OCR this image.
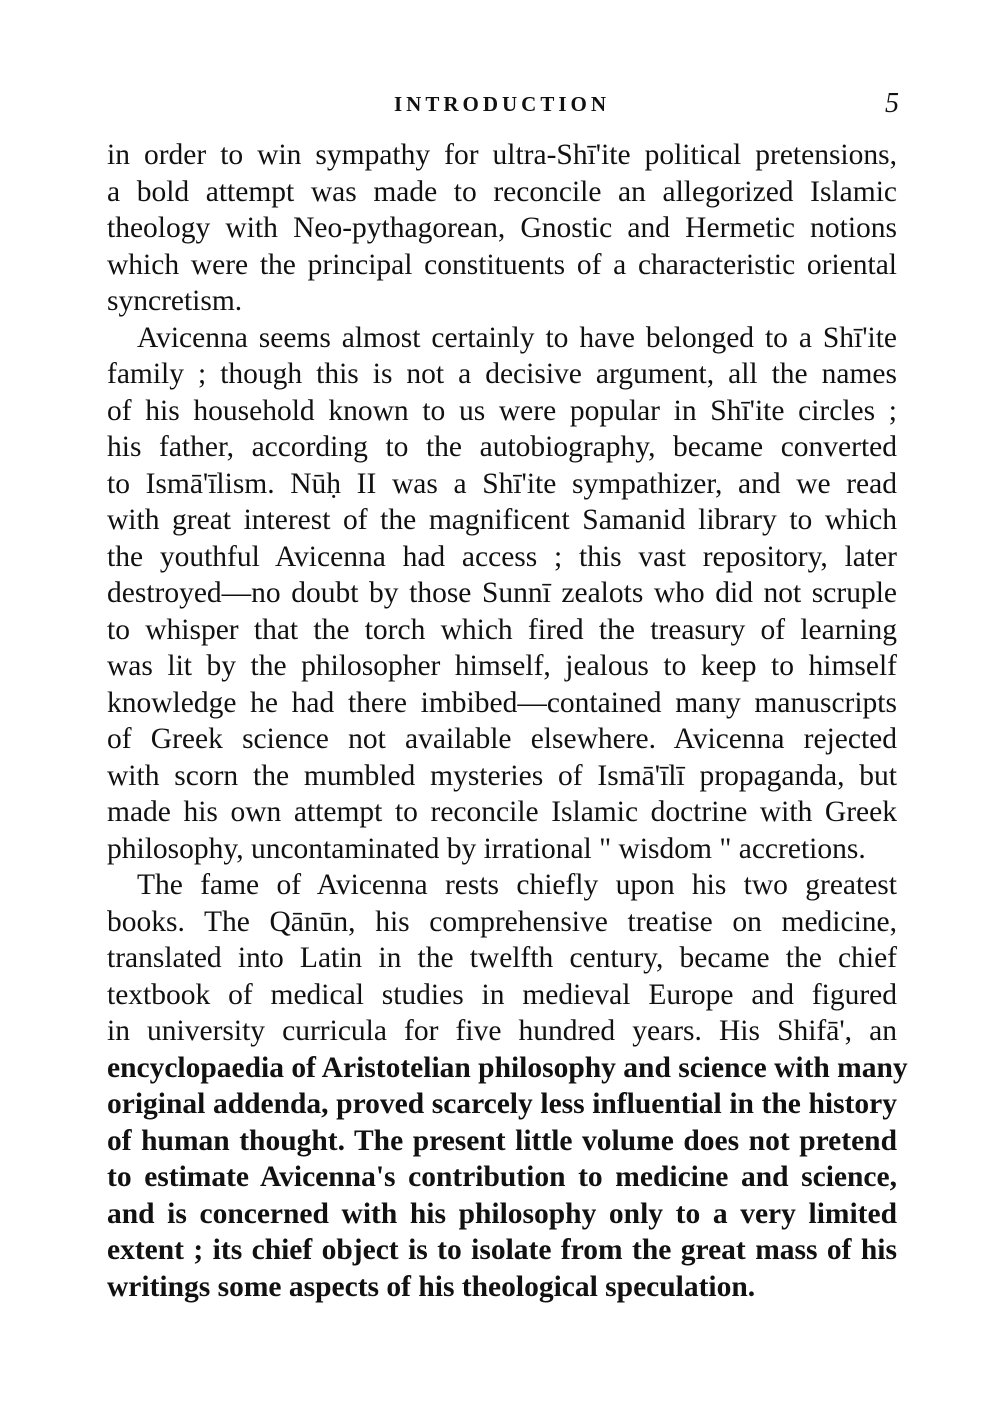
INTRODUCTION	5
in order to win sympathy for ultra-Shī'ite political pretensions,
a bold attempt was made to reconcile an allegorized Islamic
theology with Neo-pythagorean, Gnostic and Hermetic notions
which were the principal constituents of a characteristic oriental
syncretism.
Avicenna seems almost certainly to have belonged to a Shī'ite
family ; though this is not a decisive argument, all the names
of his household known to us were popular in Shī'ite circles ;
his father, according to the autobiography, became converted
to Ismā'īlism. Nūḥ II was a Shī'ite sympathizer, and we read
with great interest of the magnificent Samanid library to which
the youthful Avicenna had access ; this vast repository, later
destroyed—no doubt by those Sunnī zealots who did not scruple
to whisper that the torch which fired the treasury of learning
was lit by the philosopher himself, jealous to keep to himself
knowledge he had there imbibed—contained many manuscripts
of Greek science not available elsewhere. Avicenna rejected
with scorn the mumbled mysteries of Ismā'īlī propaganda, but
made his own attempt to reconcile Islamic doctrine with Greek
philosophy, uncontaminated by irrational " wisdom " accretions.
The fame of Avicenna rests chiefly upon his two greatest
books. The Qānūn, his comprehensive treatise on medicine,
translated into Latin in the twelfth century, became the chief
textbook of medical studies in medieval Europe and figured
in university curricula for five hundred years. His Shifā', an
encyclopaedia of Aristotelian philosophy and science with many
original addenda, proved scarcely less influential in the history
of human thought. The present little volume does not pretend
to estimate Avicenna's contribution to medicine and science,
and is concerned with his philosophy only to a very limited
extent ; its chief object is to isolate from the great mass of his
writings some aspects of his theological speculation.
